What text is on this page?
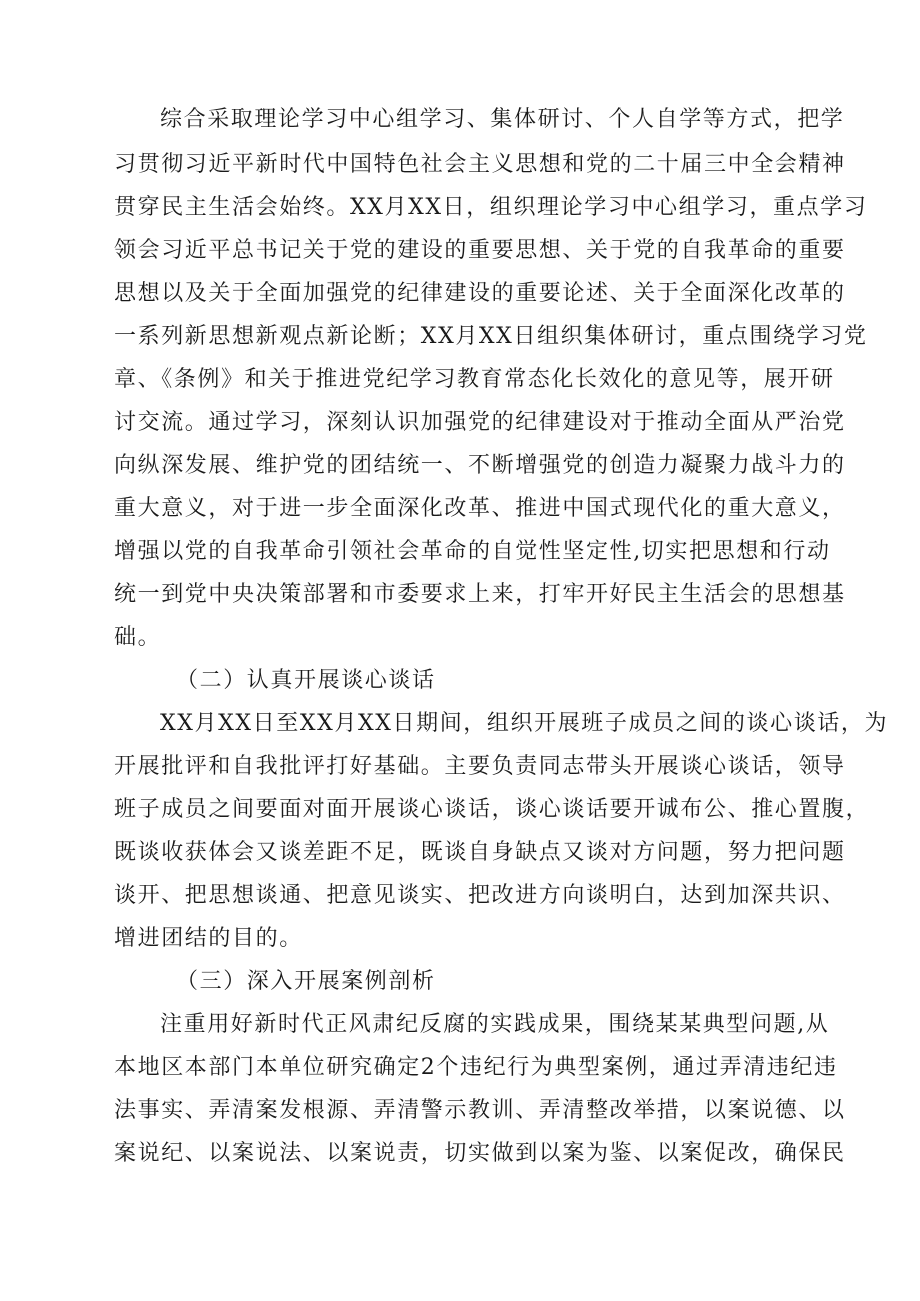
综合采取理论学习中心组学习、集体研讨、个人自学等方式，把学
习贯彻习近平新时代中国特色社会主义思想和党的二十届三中全会精神
贯穿民主生活会始终。XX月XX日，组织理论学习中心组学习，重点学习
领会习近平总书记关于党的建设的重要思想、关于党的自我革命的重要
思想以及关于全面加强党的纪律建设的重要论述、关于全面深化改革的
一系列新思想新观点新论断；XX月XX日组织集体研讨，重点围绕学习党
章、《条例》和关于推进党纪学习教育常态化长效化的意见等，展开研
讨交流。通过学习，深刻认识加强党的纪律建设对于推动全面从严治党
向纵深发展、维护党的团结统一、不断增强党的创造力凝聚力战斗力的
重大意义，对于进一步全面深化改革、推进中国式现代化的重大意义，
增强以党的自我革命引领社会革命的自觉性坚定性,切实把思想和行动
统一到党中央决策部署和市委要求上来，打牢开好民主生活会的思想基
础。
（二）认真开展谈心谈话
XX月XX日至XX月XX日期间，组织开展班子成员之间的谈心谈话，为
开展批评和自我批评打好基础。主要负责同志带头开展谈心谈话，领导
班子成员之间要面对面开展谈心谈话，谈心谈话要开诚布公、推心置腹，
既谈收获体会又谈差距不足，既谈自身缺点又谈对方问题，努力把问题
谈开、把思想谈通、把意见谈实、把改进方向谈明白，达到加深共识、
增进团结的目的。
（三）深入开展案例剖析
注重用好新时代正风肃纪反腐的实践成果，围绕某某典型问题,从
本地区本部门本单位研究确定2个违纪行为典型案例，通过弄清违纪违
法事实、弄清案发根源、弄清警示教训、弄清整改举措，以案说德、以
案说纪、以案说法、以案说责，切实做到以案为鉴、以案促改，确保民
